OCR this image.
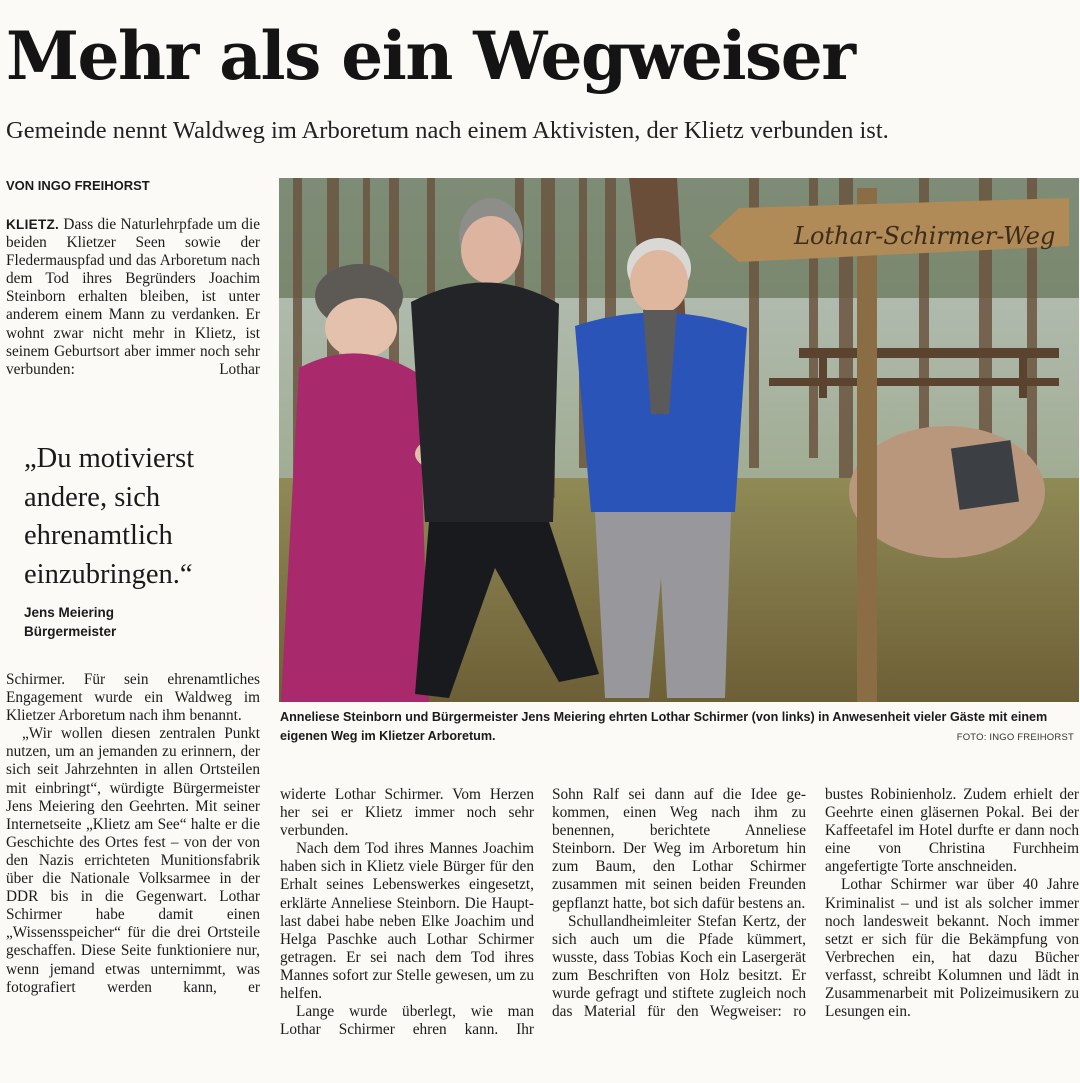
Mehr als ein Wegweiser
Gemeinde nennt Waldweg im Arboretum nach einem Aktivisten, der Klietz verbunden ist.
VON INGO FREIHORST

KLIETZ. Dass die Naturlehrpfade um die beiden Klietzer Seen sowie der Fledermauspfad und das Arboretum nach dem Tod ihres Begründers Joachim Steinborn erhalten bleiben, ist unter anderem einem Mann zu verdanken. Er wohnt zwar nicht mehr in Klietz, ist seinem Geburtsort aber immer noch sehr verbunden: Lothar

„Du motivierst andere, sich ehrenamtlich einzubringen.“
Jens Meiering
Bürgermeister

Schirmer. Für sein ehrenamtliches Engagement wurde ein Waldweg im Klietzer Arboretum nach ihm benannt.

„Wir wollen diesen zentralen Punkt nutzen, um an jemanden zu erinnern, der sich seit Jahrzehnten in allen Ortsteilen mit einbringt“, würdigte Bürgermeister Jens Meiering den Geehrten. Mit seiner Internetseite „Klietz am See“ halte er die Geschichte des Ortes fest – von der von den Nazis errichteten Munitionsfabrik über die Nationale Volksarmee in der DDR bis in die Gegenwart. Lothar Schirmer habe damit einen „Wissensspeicher“ für die drei Ortsteile geschaffen. Diese Seite funktioniere nur, wenn jemand etwas unternimmt, was fotografiert werden kann, er

Lothar-Schirmer-Weg
Anneliese Steinborn und Bürgermeister Jens Meiering ehrten Lothar Schirmer (von links) in Anwesenheit vieler Gäste mit einem eigenen Weg im Klietzer Arboretum.	FOTO: INGO FREIHORST

widerte Lothar Schirmer. Vom Herzen her sei er Klietz immer noch sehr verbunden.

Nach dem Tod ihres Mannes Joachim haben sich in Klietz viele Bürger für den Erhalt seines Lebenswerkes eingesetzt, erklärte Anneliese Steinborn. Die Hauptlast dabei habe neben Elke Joachim und Helga Paschke auch Lothar Schirmer getragen. Er sei nach dem Tod ihres Mannes sofort zur Stelle gewesen, um zu helfen.

Lange wurde überlegt, wie man Lothar Schirmer ehren kann. Ihr

Sohn Ralf sei dann auf die Idee gekommen, einen Weg nach ihm zu benennen, berichtete Anneliese Steinborn. Der Weg im Arboretum hin zum Baum, den Lothar Schirmer zusammen mit seinen beiden Freunden gepflanzt hatte, bot sich dafür bestens an.

Schullandheimleiter Stefan Kertz, der sich auch um die Pfade kümmert, wusste, dass Tobias Koch ein Lasergerät zum Beschriften von Holz besitzt. Er wurde gefragt und stiftete zugleich noch das Material für den Wegweiser: ro

bustes Robinienholz. Zudem erhielt der Geehrte einen gläsernen Pokal. Bei der Kaffeetafel im Hotel durfte er dann noch eine von Christina Furchheim angefertigte Torte anschneiden.

Lothar Schirmer war über 40 Jahre Kriminalist – und ist als solcher immer noch landesweit bekannt. Noch immer setzt er sich für die Bekämpfung von Verbrechen ein, hat dazu Bücher verfasst, schreibt Kolumnen und lädt in Zusammenarbeit mit Polizeimusikern zu Lesungen ein.
